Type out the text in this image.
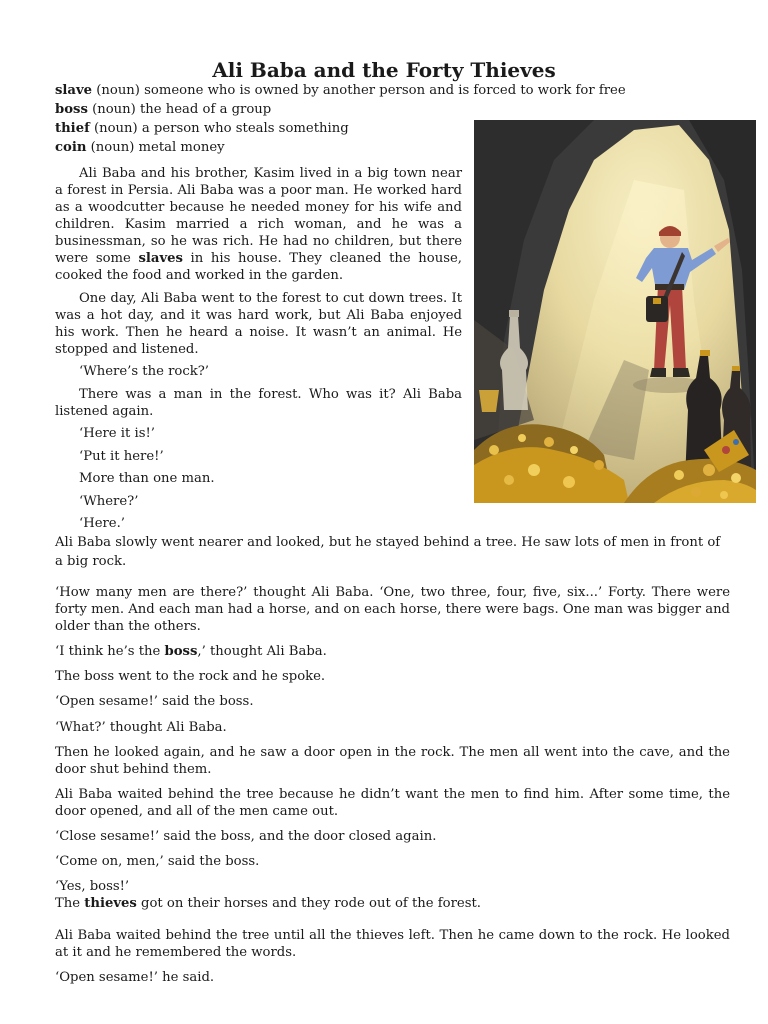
Ali Baba and the Forty Thieves
slave (noun) someone who is owned by another person and is forced to work for free
boss (noun) the head of a group
thief (noun) a person who steals something
coin (noun) metal money

Ali Baba and his brother, Kasim lived in a big town near a forest in Persia. Ali Baba was a poor man. He worked hard as a woodcutter because he needed money for his wife and children. Kasim married a rich woman, and he was a businessman, so he was rich. He had no children, but there were some slaves in his house. They cleaned the house, cooked the food and worked in the garden.

One day, Ali Baba went to the forest to cut down trees. It was a hot day, and it was hard work, but Ali Baba enjoyed his work. Then he heard a noise. It wasn’t an animal. He stopped and listened.

‘Where’s the rock?’

There was a man in the forest. Who was it? Ali Baba listened again.

‘Here it is!’

‘Put it here!’

More than one man.

‘Where?’

‘Here.’

Ali Baba slowly went nearer and looked, but he stayed behind a tree. He saw lots of men in front of a big rock.

‘How many men are there?’ thought Ali Baba. ‘One, two three, four, five, six...’ Forty. There were forty men. And each man had a horse, and on each horse, there were bags. One man was bigger and older than the others.

‘I think he’s the boss,’ thought Ali Baba.

The boss went to the rock and he spoke.

‘Open sesame!’ said the boss.

‘What?’ thought Ali Baba.

Then he looked again, and he saw a door open in the rock. The men all went into the cave, and the door shut behind them.

Ali Baba waited behind the tree because he didn’t want the men to find him. After some time, the door opened, and all of the men came out.

‘Close sesame!’ said the boss, and the door closed again.

‘Come on, men,’ said the boss.

‘Yes, boss!’

The thieves got on their horses and they rode out of the forest.

Ali Baba waited behind the tree until all the thieves left. Then he came down to the rock. He looked at it and he remembered the words.

‘Open sesame!’ he said.
